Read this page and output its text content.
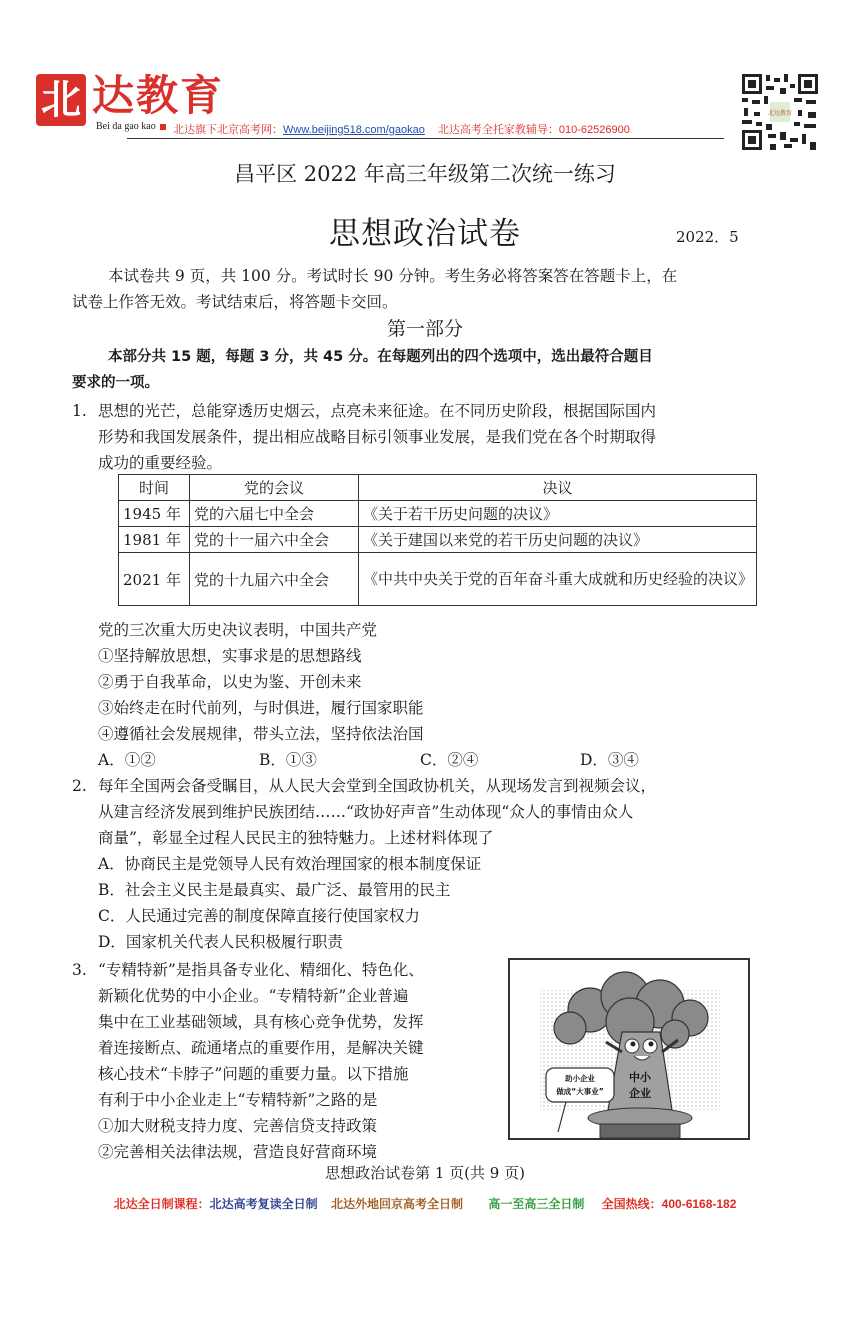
北 达教育
Bei da gao kao	北达旗下北京高考网：Www.beijing518.com/gaokao 北达高考全托家教辅导：010-62526900
北达教育
昌平区 2022 年高三年级第二次统一练习
思想政治试卷	2022．5
本试卷共 9 页，共 100 分。考试时长 90 分钟。考生务必将答案答在答题卡上，在
试卷上作答无效。考试结束后，将答题卡交回。
第一部分
本部分共 15 题，每题 3 分，共 45 分。在每题列出的四个选项中，选出最符合题目
要求的一项。
1. 思想的光芒，总能穿透历史烟云，点亮未来征途。在不同历史阶段，根据国际国内
形势和我国发展条件，提出相应战略目标引领事业发展，是我们党在各个时期取得
成功的重要经验。
时间	党的会议	决议
1945 年	党的六届七中全会	《关于若干历史问题的决议》
1981 年	党的十一届六中全会	《关于建国以来党的若干历史问题的决议》
2021 年	党的十九届六中全会	《中共中央关于党的百年奋斗重大成就和历史经验的决议》
党的三次重大历史决议表明，中国共产党
①坚持解放思想，实事求是的思想路线
②勇于自我革命，以史为鉴、开创未来
③始终走在时代前列，与时俱进，履行国家职能
④遵循社会发展规律，带头立法，坚持依法治国
A．①②	B．①③	C．②④	D．③④
2. 每年全国两会备受瞩目，从人民大会堂到全国政协机关，从现场发言到视频会议，
从建言经济发展到维护民族团结……“政协好声音”生动体现“众人的事情由众人
商量”，彰显全过程人民民主的独特魅力。上述材料体现了
A．协商民主是党领导人民有效治理国家的根本制度保证
B．社会主义民主是最真实、最广泛、最管用的民主
C．人民通过完善的制度保障直接行使国家权力
D．国家机关代表人民积极履行职责
3. “专精特新”是指具备专业化、精细化、特色化、
新颖化优势的中小企业。“专精特新”企业普遍
集中在工业基础领域，具有核心竞争优势，发挥
着连接断点、疏通堵点的重要作用，是解决关键
核心技术“卡脖子”问题的重要力量。以下措施
有利于中小企业走上“专精特新”之路的是
①加大财税支持力度、完善信贷支持政策
②完善相关法律法规，营造良好营商环境
中小
企业
助小企业
做成“大事业”
思想政治试卷第 1 页(共 9 页)
北达全日制课程：北达高考复读全日制 北达外地回京高考全日制 高一至高三全日制 全国热线：400-6168-182
